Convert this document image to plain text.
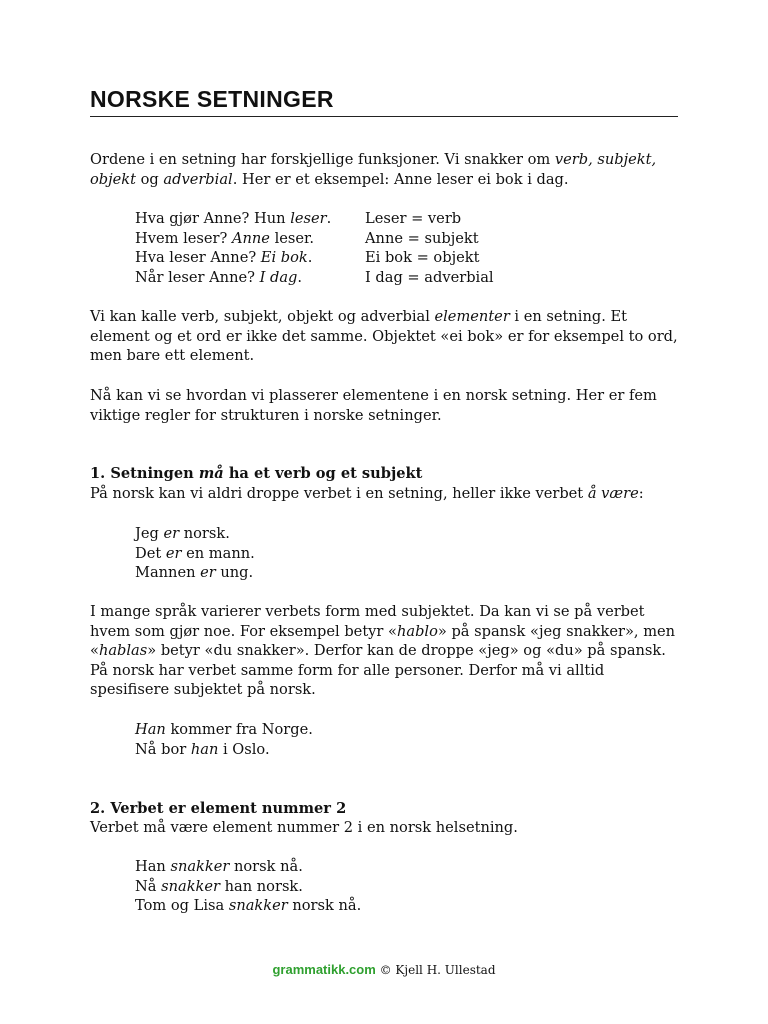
NORSKE SETNINGER
Ordene i en setning har forskjellige funksjoner. Vi snakker om verb, subjekt,
objekt og adverbial. Her er et eksempel: Anne leser ei bok i dag.
Hva gjør Anne? Hun leser.
Hvem leser? Anne leser.
Hva leser Anne? Ei bok.
Når leser Anne? I dag.
Leser = verb
Anne = subjekt
Ei bok = objekt
I dag = adverbial
Vi kan kalle verb, subjekt, objekt og adverbial elementer i en setning. Et element og et ord er ikke det samme. Objektet «ei bok» er for eksempel to ord, men bare ett element.
Nå kan vi se hvordan vi plasserer elementene i en norsk setning. Her er fem viktige regler for strukturen i norske setninger.
1. Setningen må ha et verb og et subjekt
På norsk kan vi aldri droppe verbet i en setning, heller ikke verbet å være:
Jeg er norsk.
Det er en mann.
Mannen er ung.
I mange språk varierer verbets form med subjektet. Da kan vi se på verbet hvem som gjør noe. For eksempel betyr «hablo» på spansk «jeg snakker», men «hablas» betyr «du snakker». Derfor kan de droppe «jeg» og «du» på spansk. På norsk har verbet samme form for alle personer. Derfor må vi alltid spesifisere subjektet på norsk.
Han kommer fra Norge.
Nå bor han i Oslo.
2. Verbet er element nummer 2
Verbet må være element nummer 2 i en norsk helsetning.
Han snakker norsk nå.
Nå snakker han norsk.
Tom og Lisa snakker norsk nå.
grammatikk.com © Kjell H. Ullestad
